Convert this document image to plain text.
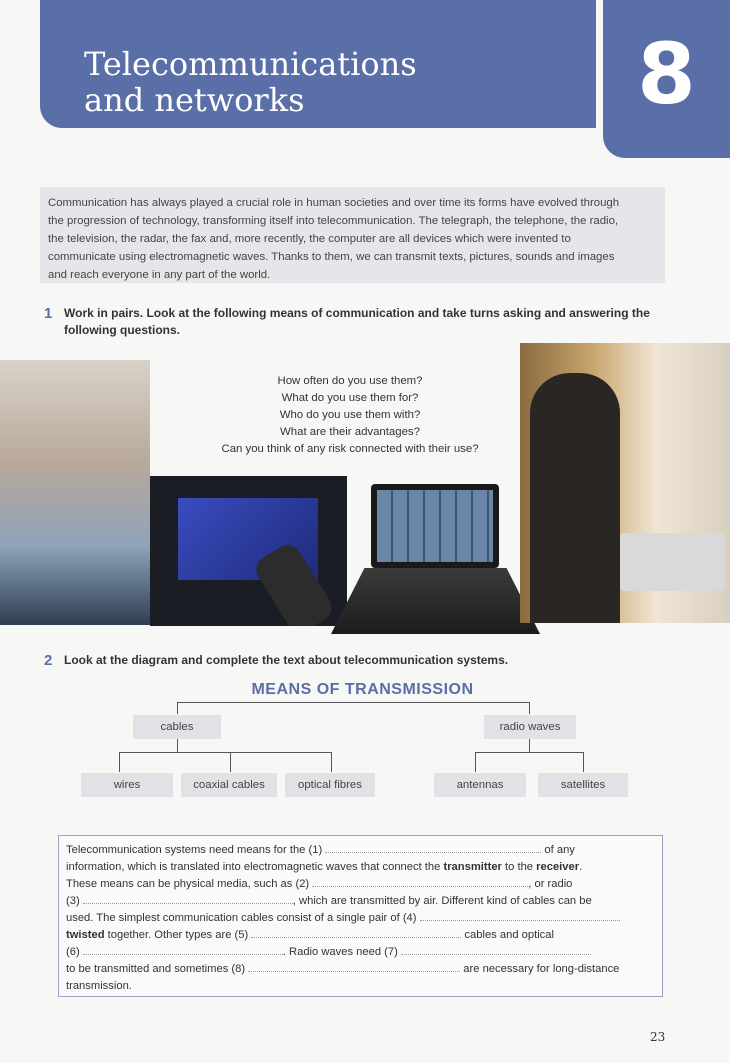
Telecommunications
and networks	8
Communication has always played a crucial role in human societies and over time its forms have evolved through
the progression of technology, transforming itself into telecommunication. The telegraph, the telephone, the radio,
the television, the radar, the fax and, more recently, the computer are all devices which were invented to
communicate using electromagnetic waves. Thanks to them, we can transmit texts, pictures, sounds and images
and reach everyone in any part of the world.
1 Work in pairs. Look at the following means of communication and take turns asking and answering the
following questions.
How often do you use them?
What do you use them for?
Who do you use them with?
What are their advantages?
Can you think of any risk connected with their use?
2 Look at the diagram and complete the text about telecommunication systems.
MEANS OF TRANSMISSION
cables	radio waves
wires	coaxial cables	optical fibres	antennas	satellites
Telecommunication systems need means for the (1)	of any
information, which is translated into electromagnetic waves that connect the transmitter to the receiver.
These means can be physical media, such as (2)	, or radio
(3)	, which are transmitted by air. Different kind of cables can be
used. The simplest communication cables consist of a single pair of (4)
twisted together. Other types are (5)	cables and optical
(6)	. Radio waves need (7)
to be transmitted and sometimes (8)	are necessary for long-distance
transmission.
23
